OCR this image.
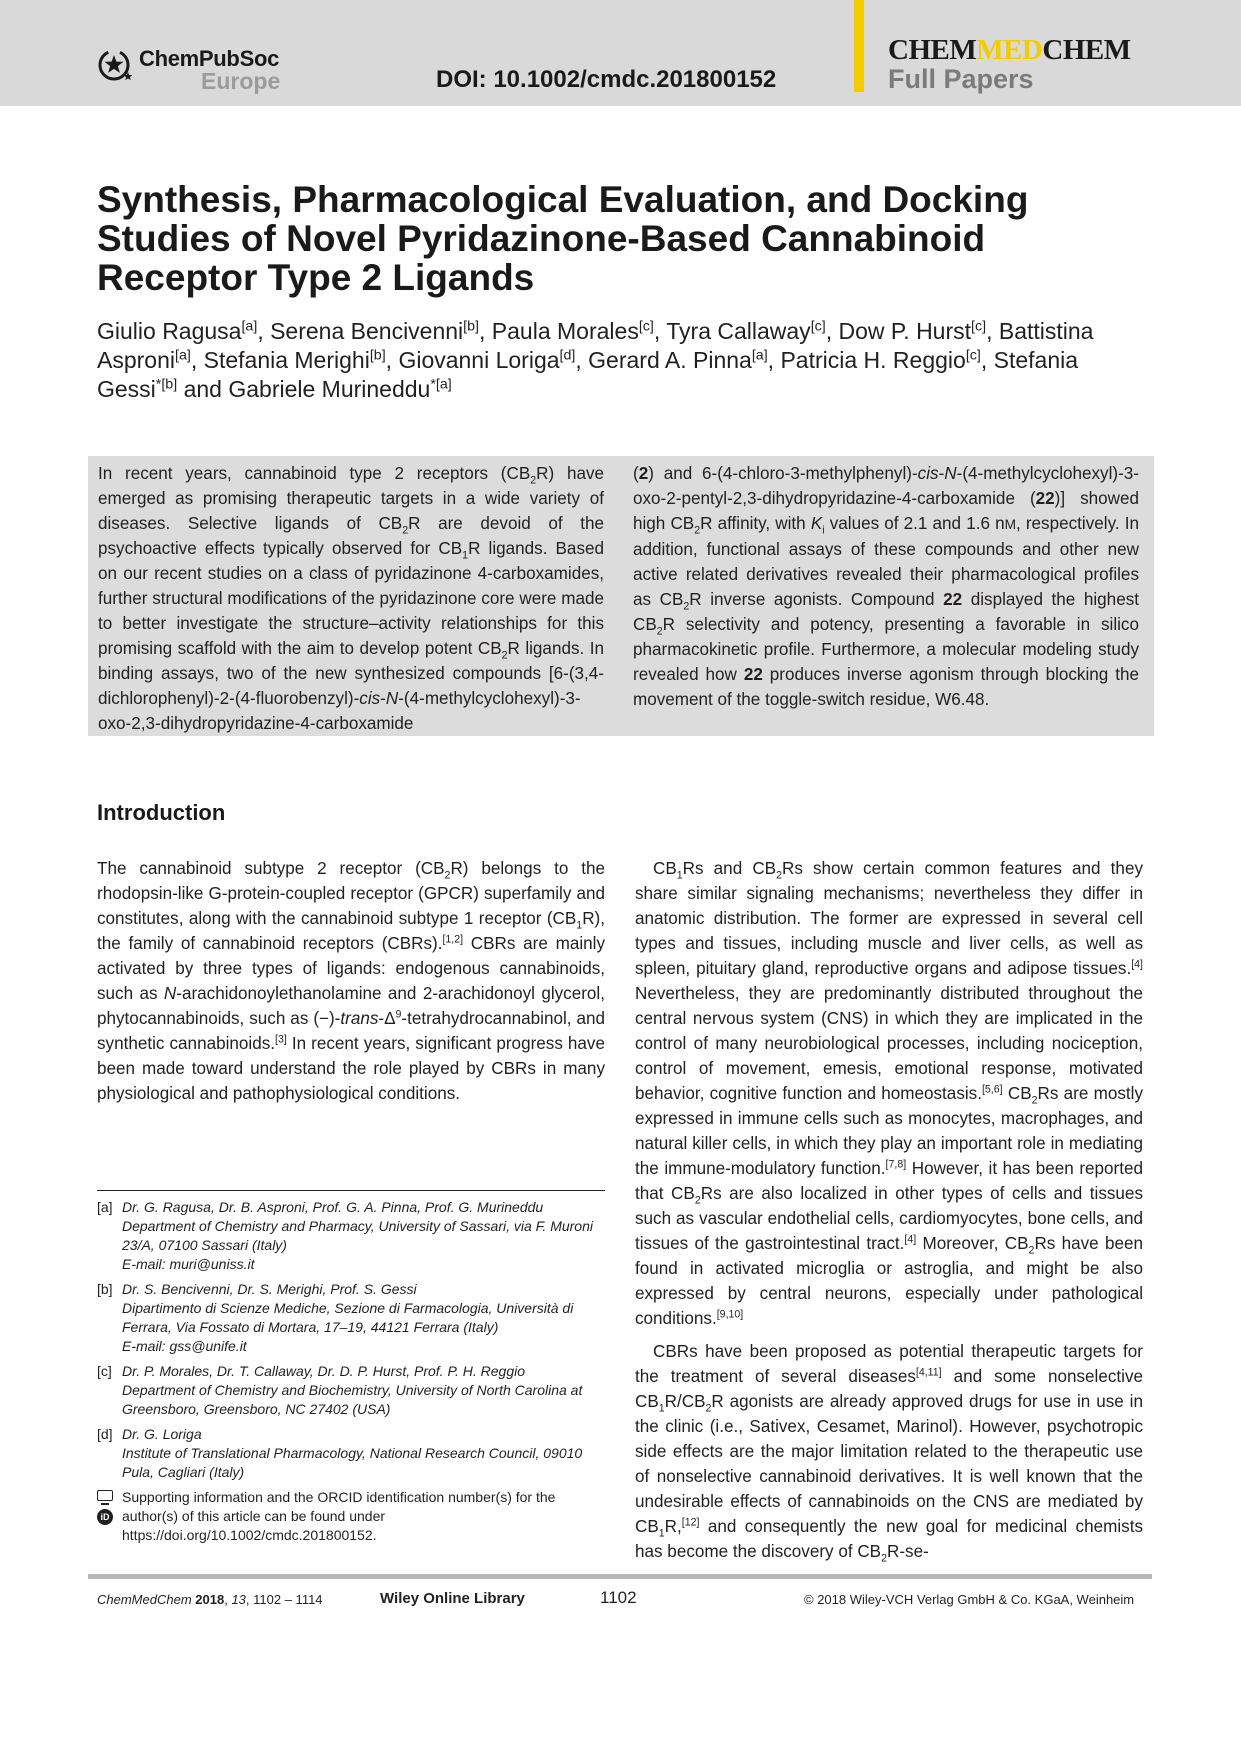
ChemPubSoc
Europe	DOI: 10.1002/cmdc.201800152
CHEMMEDCHEM
Full Papers
Synthesis, Pharmacological Evaluation, and Docking Studies of Novel Pyridazinone-Based Cannabinoid Receptor Type 2 Ligands
Giulio Ragusa[a], Serena Bencivenni[b], Paula Morales[c], Tyra Callaway[c], Dow P. Hurst[c], Battistina Asproni[a], Stefania Merighi[b], Giovanni Loriga[d], Gerard A. Pinna[a], Patricia H. Reggio[c], Stefania Gessi$^{*[b]}$ and Gabriele Murineddu$^{*[a]}$
In recent years, cannabinoid type 2 receptors $(CB_2R)$ have emerged as promising therapeutic targets in a wide variety of diseases. Selective ligands of $CB_2R$ are devoid of the psychoactive effects typically observed for $CB_1R$ ligands. Based on our recent studies on a class of pyridazinone 4-carboxamides, further structural modifications of the pyridazinone core were made to better investigate the structure–activity relationships for this promising scaffold with the aim to develop potent $CB_2R$ ligands. In binding assays, two of the new synthesized compounds [6-(3,4-dichlorophenyl)-2-(4-fluorobenzyl)-cis-N-(4-methylcyclohexyl)-3-oxo-2,3-dihydropyridazine-4-carboxamide
(2) and 6-(4-chloro-3-methylphenyl)-cis-N-(4-methylcyclohexyl)-3-oxo-2-pentyl-2,3-dihydropyridazine-4-carboxamide (22)] showed high $CB_2R$ affinity, with $K_i$ values of 2.1 and 1.6 nM, respectively. In addition, functional assays of these compounds and other new active related derivatives revealed their pharmacological profiles as $CB_2R$ inverse agonists. Compound 22 displayed the highest $CB_2R$ selectivity and potency, presenting a favorable in silico pharmacokinetic profile. Furthermore, a molecular modeling study revealed how 22 produces inverse agonism through blocking the movement of the toggle-switch residue, W6.48.
Introduction

The cannabinoid subtype 2 receptor $(CB_2R)$ belongs to the rhodopsin-like G-protein-coupled receptor (GPCR) superfamily and constitutes, along with the cannabinoid subtype 1 receptor $(CB_1R)$, the family of cannabinoid receptors (CBRs).[1,2] CBRs are mainly activated by three types of ligands: endogenous cannabinoids, such as N-arachidonoylethanolamine and 2-arachidonoyl glycerol, phytocannabinoids, such as $(-)-trans-\Delta^9$-tetrahydrocannabinol, and synthetic cannabinoids.[3] In recent years, significant progress have been made toward understand the role played by CBRs in many physiological and pathophysiological conditions.

$CB_1Rs$ and $CB_2Rs$ show certain common features and they share similar signaling mechanisms; nevertheless they differ in anatomic distribution. The former are expressed in several cell types and tissues, including muscle and liver cells, as well as spleen, pituitary gland, reproductive organs and adipose tissues.[4] Nevertheless, they are predominantly distributed throughout the central nervous system (CNS) in which they are implicated in the control of many neurobiological processes, including nociception, control of movement, emesis, emotional response, motivated behavior, cognitive function and homeostasis.[5,6] $CB_2Rs$ are mostly expressed in immune cells such as monocytes, macrophages, and natural killer cells, in which they play an important role in mediating the immune-modulatory function.[7,8] However, it has been reported that $CB_2Rs$ are also localized in other types of cells and tissues such as vascular endothelial cells, cardiomyocytes, bone cells, and tissues of the gastrointestinal tract.[4] Moreover, $CB_2Rs$ have been found in activated microglia or astroglia, and might be also expressed by central neurons, especially under pathological conditions.[9,10]

CBRs have been proposed as potential therapeutic targets for the treatment of several diseases[4,11] and some nonselective $CB_1R/CB_2R$ agonists are already approved drugs for use in use in the clinic (i.e., Sativex, Cesamet, Marinol). However, psychotropic side effects are the major limitation related to the therapeutic use of nonselective cannabinoid derivatives. It is well known that the undesirable effects of cannabinoids on the CNS are mediated by $CB_1R,[12]$ and consequently the new goal for medicinal chemists has become the discovery of $CB_2R-se-$

[a] Dr. G. Ragusa, Dr. B. Asproni, Prof. G. A. Pinna, Prof. G. Murineddu
Department of Chemistry and Pharmacy, University of Sassari, via F. Muroni 23/A, 07100 Sassari (Italy)
E-mail: muri@uniss.it
[b] Dr. S. Bencivenni, Dr. S. Merighi, Prof. S. Gessi
Dipartimento di Scienze Mediche, Sezione di Farmacologia, Università di Ferrara, Via Fossato di Mortara, 17–19, 44121 Ferrara (Italy)
E-mail: gss@unife.it
[c] Dr. P. Morales, Dr. T. Callaway, Dr. D. P. Hurst, Prof. P. H. Reggio
Department of Chemistry and Biochemistry, University of North Carolina at Greensboro, Greensboro, NC 27402 (USA)
[d] Dr. G. Loriga
Institute of Translational Pharmacology, National Research Council, 09010 Pula, Cagliari (Italy)
iD
Supporting information and the ORCID identification number(s) for the author(s) of this article can be found under https://doi.org/10.1002/cmdc.201800152.
ChemMedChem 2018, 13, 1102 – 1114	Wiley Online Library	1102	© 2018 Wiley-VCH Verlag GmbH & Co. KGaA, Weinheim
